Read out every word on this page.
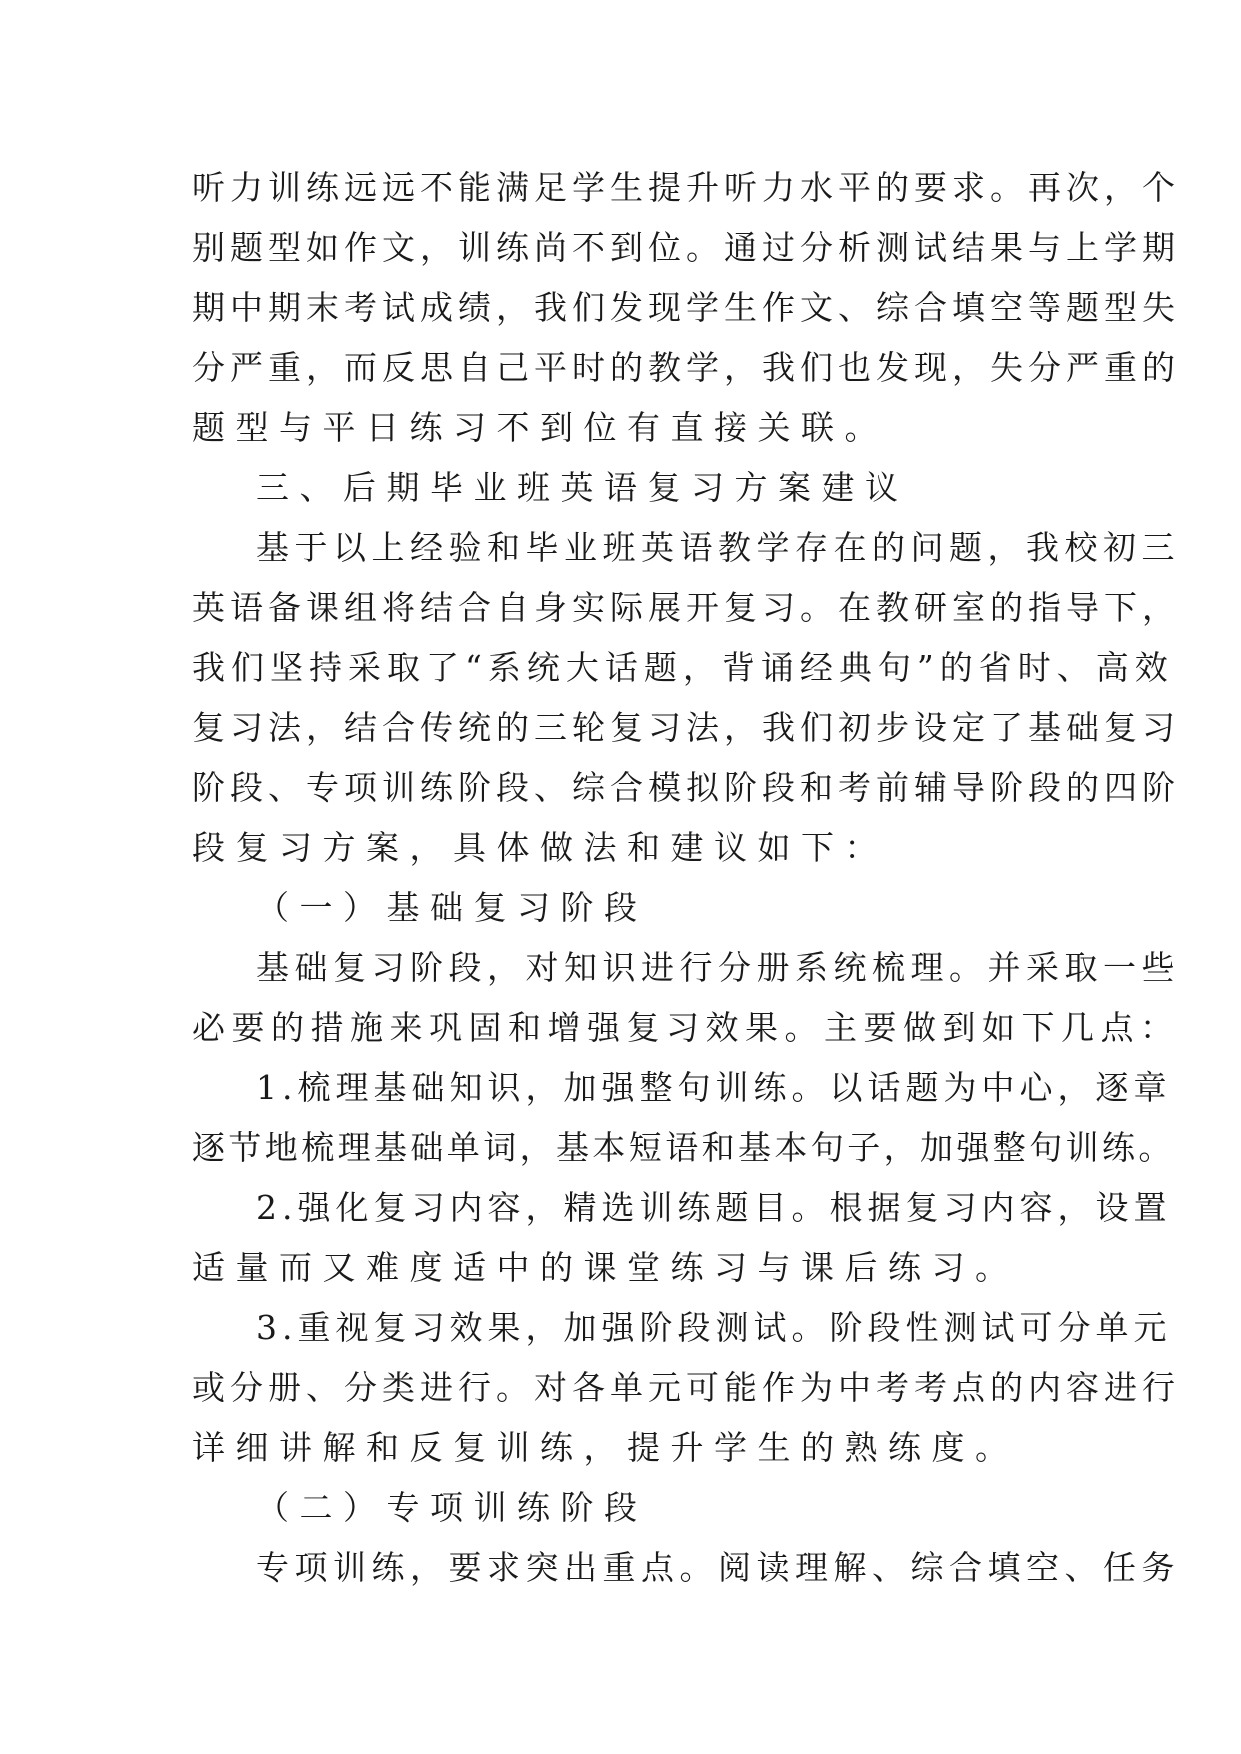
听力训练远远不能满足学生提升听力水平的要求。再次，个
别题型如作文，训练尚不到位。通过分析测试结果与上学期
期中期末考试成绩，我们发现学生作文、综合填空等题型失
分严重，而反思自己平时的教学，我们也发现，失分严重的
题型与平日练习不到位有直接关联。
三、后期毕业班英语复习方案建议
基于以上经验和毕业班英语教学存在的问题，我校初三
英语备课组将结合自身实际展开复习。在教研室的指导下，
我们坚持采取了“系统大话题，背诵经典句”的省时、高效
复习法，结合传统的三轮复习法，我们初步设定了基础复习
阶段、专项训练阶段、综合模拟阶段和考前辅导阶段的四阶
段复习方案，具体做法和建议如下：
（一）基础复习阶段
基础复习阶段，对知识进行分册系统梳理。并采取一些
必要的措施来巩固和增强复习效果。主要做到如下几点：
1.梳理基础知识，加强整句训练。以话题为中心，逐章
逐节地梳理基础单词，基本短语和基本句子，加强整句训练。
2.强化复习内容，精选训练题目。根据复习内容，设置
适量而又难度适中的课堂练习与课后练习。
3.重视复习效果，加强阶段测试。阶段性测试可分单元
或分册、分类进行。对各单元可能作为中考考点的内容进行
详细讲解和反复训练，提升学生的熟练度。
（二）专项训练阶段
专项训练，要求突出重点。阅读理解、综合填空、任务
